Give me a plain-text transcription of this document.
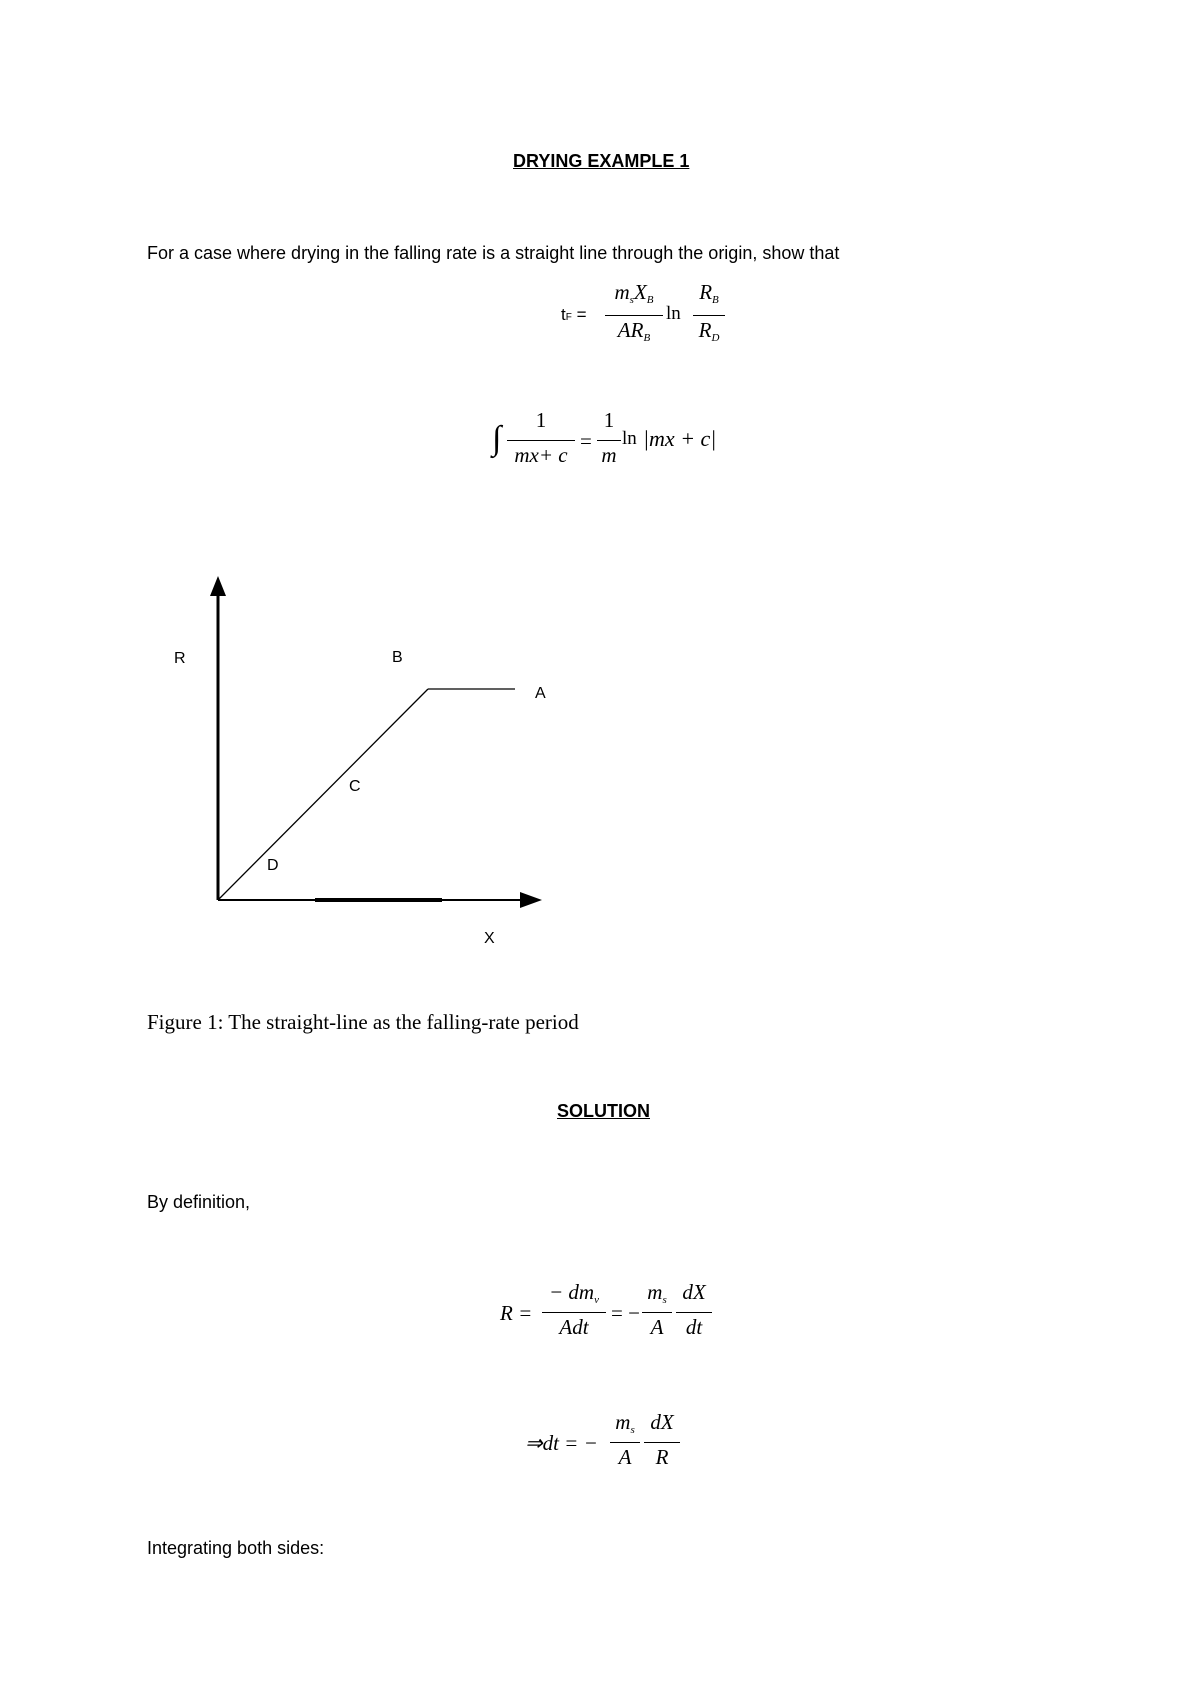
DRYING EXAMPLE 1
For a case where drying in the falling rate is a straight line through the origin, show that
tF =
$m_sX_B$
$AR_B$
ln
$R_B$
$R_D$
∫	1
mx+ c
=
1
m
ln |mx + c|
R	B
A
C
D
X
Figure 1: The straight-line as the falling-rate period
SOLUTION
By definition,
R =
− $dm_v$
Adt
= −
$m_s$
A
dX
dt
⇒dt = −
$m_s$
A
dX
R
Integrating both sides:
